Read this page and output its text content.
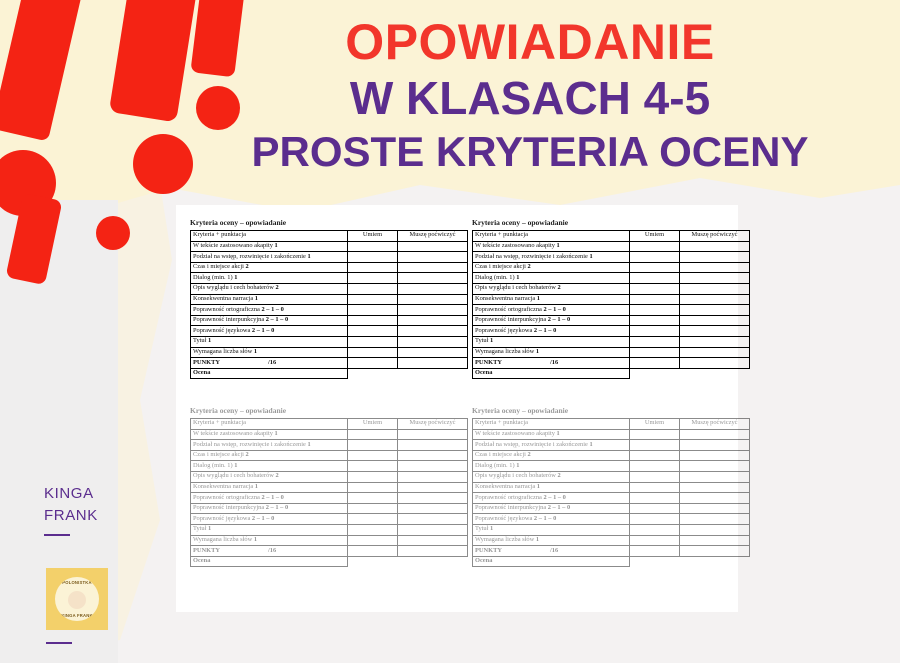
OPOWIADANIE
W KLASACH 4-5
PROSTE KRYTERIA OCENY
Kryteria oceny – opowiadanie
Kryteria + punktacja	Umiem	Muszę poćwiczyć
W tekście zastosowano akapity 1		
Podział na wstęp, rozwinięcie i zakończenie 1		
Czas i miejsce akcji 2		
Dialog (min. 1) 1		
Opis wyglądu i cech bohaterów 2		
Konsekwentna narracja 1		
Poprawność ortograficzna 2 – 1 – 0		
Poprawność interpunkcyjna 2 – 1 – 0		
Poprawność językowa 2 – 1 – 0		
Tytuł 1		
Wymagana liczba słów 1		
PUNKTY /16		
Ocena		
Kryteria oceny – opowiadanie
Kryteria + punktacja	Umiem	Muszę poćwiczyć
W tekście zastosowano akapity 1		
Podział na wstęp, rozwinięcie i zakończenie 1		
Czas i miejsce akcji 2		
Dialog (min. 1) 1		
Opis wyglądu i cech bohaterów 2		
Konsekwentna narracja 1		
Poprawność ortograficzna 2 – 1 – 0		
Poprawność interpunkcyjna 2 – 1 – 0		
Poprawność językowa 2 – 1 – 0		
Tytuł 1		
Wymagana liczba słów 1		
PUNKTY /16		
Ocena		
Kryteria oceny – opowiadanie
Kryteria + punktacja	Umiem	Muszę poćwiczyć
W tekście zastosowano akapity 1		
Podział na wstęp, rozwinięcie i zakończenie 1		
Czas i miejsce akcji 2		
Dialog (min. 1) 1		
Opis wyglądu i cech bohaterów 2		
Konsekwentna narracja 1		
Poprawność ortograficzna 2 – 1 – 0		
Poprawność interpunkcyjna 2 – 1 – 0		
Poprawność językowa 2 – 1 – 0		
Tytuł 1		
Wymagana liczba słów 1		
PUNKTY /16		
Ocena		
Kryteria oceny – opowiadanie
Kryteria + punktacja	Umiem	Muszę poćwiczyć
W tekście zastosowano akapity 1		
Podział na wstęp, rozwinięcie i zakończenie 1		
Czas i miejsce akcji 2		
Dialog (min. 1) 1		
Opis wyglądu i cech bohaterów 2		
Konsekwentna narracja 1		
Poprawność ortograficzna 2 – 1 – 0		
Poprawność interpunkcyjna 2 – 1 – 0		
Poprawność językowa 2 – 1 – 0		
Tytuł 1		
Wymagana liczba słów 1		
PUNKTY /16		
Ocena		
KINGA
FRANK
POLONISTKA
KINGA FRANK
